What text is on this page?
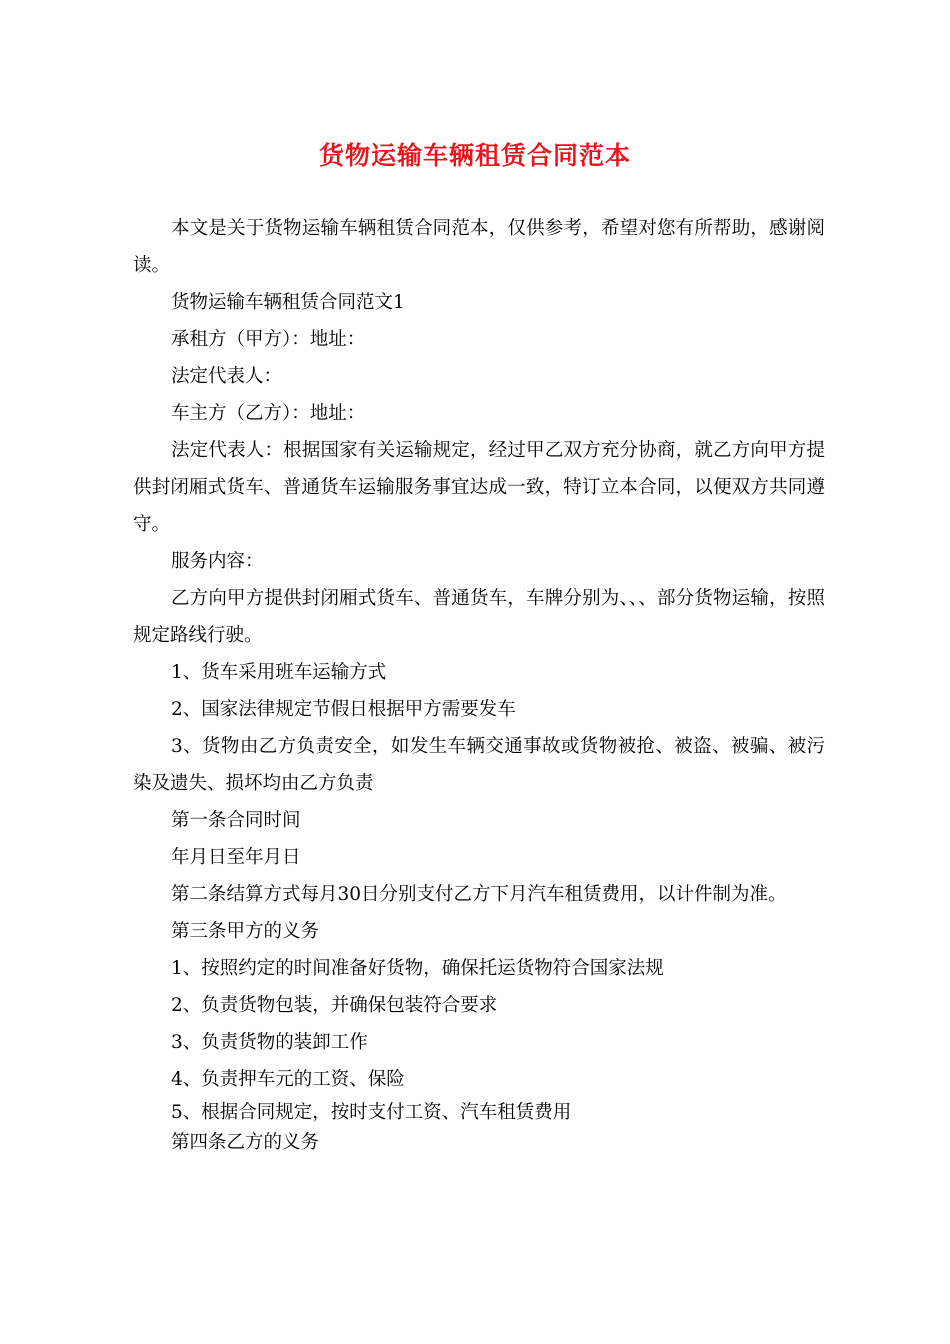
货物运输车辆租赁合同范本

本文是关于货物运输车辆租赁合同范本，仅供参考，希望对您有所帮助，感谢阅读。

货物运输车辆租赁合同范文1

承租方（甲方）：地址：

法定代表人：

车主方（乙方）：地址：

法定代表人：根据国家有关运输规定，经过甲乙双方充分协商，就乙方向甲方提供封闭厢式货车、普通货车运输服务事宜达成一致，特订立本合同，以便双方共同遵守。

服务内容：

乙方向甲方提供封闭厢式货车、普通货车，车牌分别为、、、部分货物运输，按照规定路线行驶。

1、货车采用班车运输方式

2、国家法律规定节假日根据甲方需要发车

3、货物由乙方负责安全，如发生车辆交通事故或货物被抢、被盗、被骗、被污染及遗失、损坏均由乙方负责

第一条合同时间

年月日至年月日

第二条结算方式每月30日分别支付乙方下月汽车租赁费用，以计件制为准。

第三条甲方的义务

1、按照约定的时间准备好货物，确保托运货物符合国家法规

2、负责货物包装，并确保包装符合要求

3、负责货物的装卸工作

4、负责押车元的工资、保险

5、根据合同规定，按时支付工资、汽车租赁费用

第四条乙方的义务
